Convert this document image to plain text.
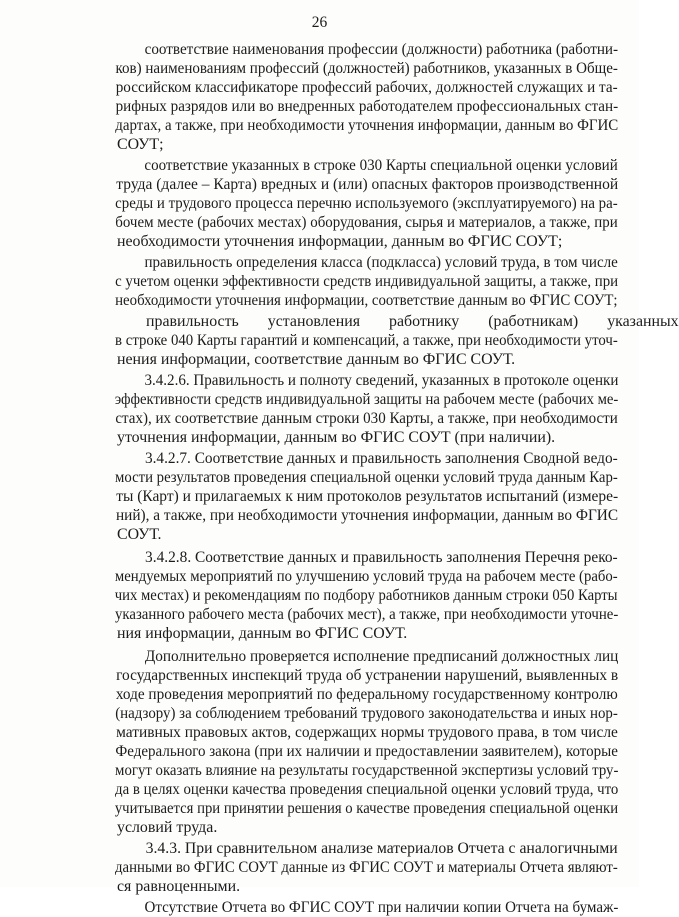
26
соответствие наименования профессии (должности) работника (работни-
ков) наименованиям профессий (должностей) работников, указанных в Обще-
российском классификаторе профессий рабочих, должностей служащих и та-
рифных разрядов или во внедренных работодателем профессиональных стан-
дартах, а также, при необходимости уточнения информации, данным во ФГИС
СОУТ;
соответствие указанных в строке 030 Карты специальной оценки условий
труда (далее – Карта) вредных и (или) опасных факторов производственной
среды и трудового процесса перечню используемого (эксплуатируемого) на ра-
бочем месте (рабочих местах) оборудования, сырья и материалов, а также, при
необходимости уточнения информации, данным во ФГИС СОУТ;
правильность определения класса (подкласса) условий труда, в том числе
с учетом оценки эффективности средств индивидуальной защиты, а также, при
необходимости уточнения информации, соответствие данным во ФГИС СОУТ;
правильность	установления	работнику	(работникам)	указанных
в строке 040 Карты гарантий и компенсаций, а также, при необходимости уточ-
нения информации, соответствие данным во ФГИС СОУТ.
3.4.2.6. Правильность и полноту сведений, указанных в протоколе оценки
эффективности средств индивидуальной защиты на рабочем месте (рабочих ме-
стах), их соответствие данным строки 030 Карты, а также, при необходимости
уточнения информации, данным во ФГИС СОУТ (при наличии).
3.4.2.7. Соответствие данных и правильность заполнения Сводной ведо-
мости результатов проведения специальной оценки условий труда данным Кар-
ты (Карт) и прилагаемых к ним протоколов результатов испытаний (измере-
ний), а также, при необходимости уточнения информации, данным во ФГИС
СОУТ.
3.4.2.8. Соответствие данных и правильность заполнения Перечня реко-
мендуемых мероприятий по улучшению условий труда на рабочем месте (рабо-
чих местах) и рекомендациям по подбору работников данным строки 050 Карты
указанного рабочего места (рабочих мест), а также, при необходимости уточне-
ния информации, данным во ФГИС СОУТ.
Дополнительно проверяется исполнение предписаний должностных лиц
государственных инспекций труда об устранении нарушений, выявленных в
ходе проведения мероприятий по федеральному государственному контролю
(надзору) за соблюдением требований трудового законодательства и иных нор-
мативных правовых актов, содержащих нормы трудового права, в том числе
Федерального закона (при их наличии и предоставлении заявителем), которые
могут оказать влияние на результаты государственной экспертизы условий тру-
да в целях оценки качества проведения специальной оценки условий труда, что
учитывается при принятии решения о качестве проведения специальной оценки
условий труда.
3.4.3. При сравнительном анализе материалов Отчета с аналогичными
данными во ФГИС СОУТ данные из ФГИС СОУТ и материалы Отчета являют-
ся равноценными.
Отсутствие Отчета во ФГИС СОУТ при наличии копии Отчета на бумаж-
